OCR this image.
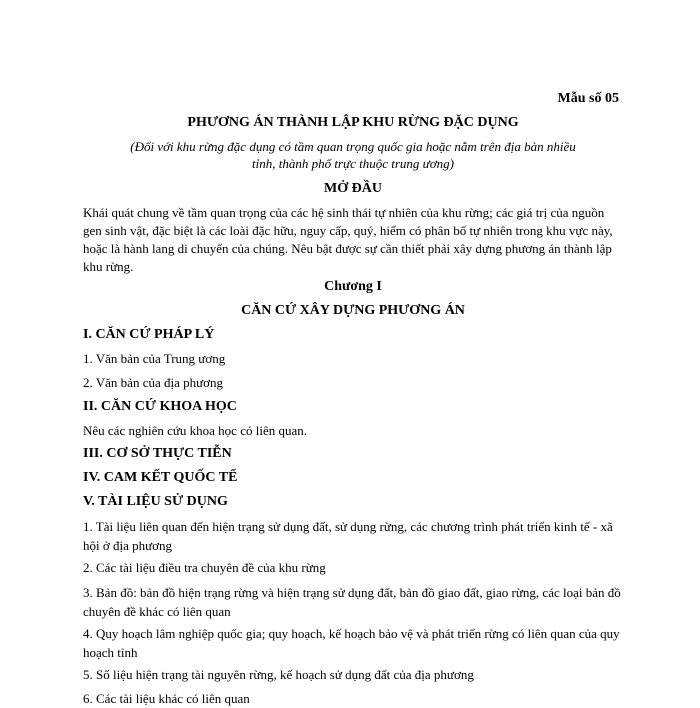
Mẫu số 05
PHƯƠNG ÁN THÀNH LẬP KHU RỪNG ĐẶC DỤNG
(Đối với khu rừng đặc dụng có tầm quan trọng quốc gia hoặc nằm trên địa bàn nhiều
tỉnh, thành phố trực thuộc trung ương)
MỞ ĐẦU
Khái quát chung về tầm quan trọng của các hệ sinh thái tự nhiên của khu rừng; các giá trị của nguồn gen sinh vật, đặc biệt là các loài đặc hữu, nguy cấp, quý, hiếm có phân bố tự nhiên trong khu vực này, hoặc là hành lang di chuyển của chúng. Nêu bật được sự cần thiết phải xây dựng phương án thành lập khu rừng.
Chương I
CĂN CỨ XÂY DỰNG PHƯƠNG ÁN
I. CĂN CỨ PHÁP LÝ
1. Văn bản của Trung ương
2. Văn bản của địa phương
II. CĂN CỨ KHOA HỌC
Nêu các nghiên cứu khoa học có liên quan.
III. CƠ SỞ THỰC TIỄN
IV. CAM KẾT QUỐC TẾ
V. TÀI LIỆU SỬ DỤNG
1. Tài liệu liên quan đến hiện trạng sử dụng đất, sử dụng rừng, các chương trình phát triển kinh tế - xã hội ở địa phương
2. Các tài liệu điều tra chuyên đề của khu rừng
3. Bản đồ: bản đồ hiện trạng rừng và hiện trạng sử dụng đất, bản đồ giao đất, giao rừng, các loại bản đồ chuyên đề khác có liên quan
4. Quy hoạch lâm nghiệp quốc gia; quy hoạch, kế hoạch bảo vệ và phát triển rừng có liên quan của quy hoạch tỉnh
5. Số liệu hiện trạng tài nguyên rừng, kế hoạch sử dụng đất của địa phương
6. Các tài liệu khác có liên quan
